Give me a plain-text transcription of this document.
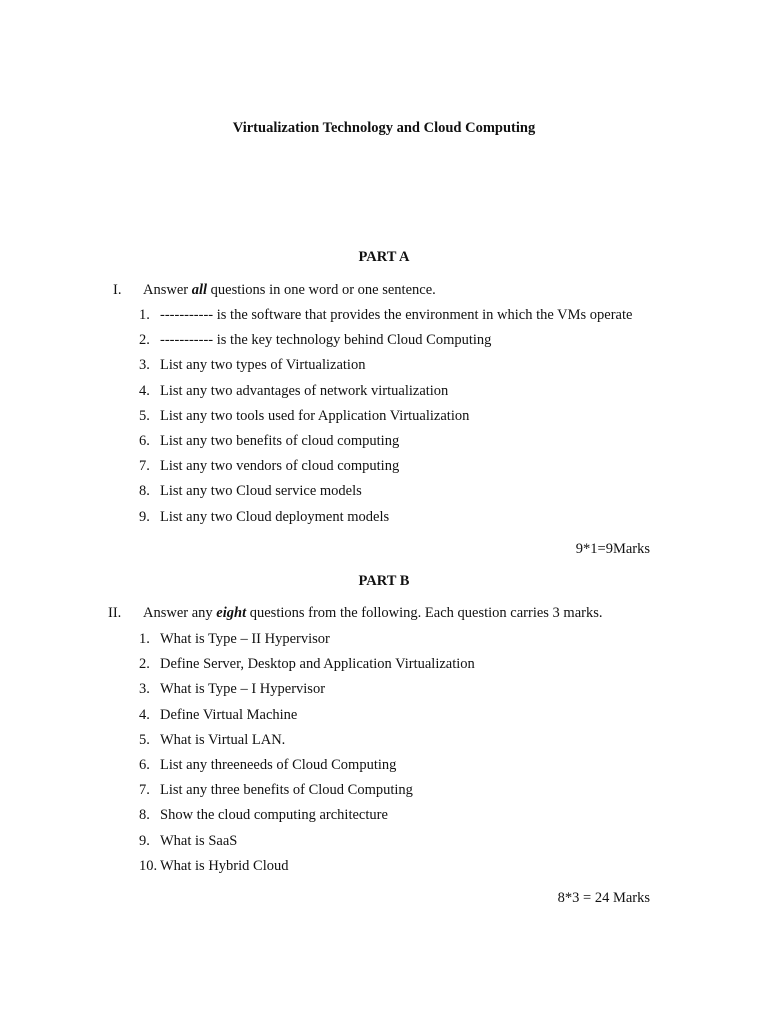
Virtualization Technology and Cloud Computing
PART A
I. Answer all questions in one word or one sentence.
1. ----------- is the software that provides the environment in which the VMs operate
2. ----------- is the key technology behind Cloud Computing
3. List any two types of Virtualization
4. List any two advantages of network virtualization
5. List any two tools used for Application Virtualization
6. List any two benefits of cloud computing
7. List any two vendors of cloud computing
8. List any two Cloud service models
9. List any two Cloud deployment models
9*1=9Marks
PART B
II. Answer any eight questions from the following. Each question carries 3 marks.
1. What is Type – II Hypervisor
2. Define Server, Desktop and Application Virtualization
3. What is Type – I Hypervisor
4. Define Virtual Machine
5. What is Virtual LAN.
6. List any threeneeds of Cloud Computing
7. List any three benefits of Cloud Computing
8. Show the cloud computing architecture
9. What is SaaS
10. What is Hybrid Cloud
8*3 = 24 Marks
